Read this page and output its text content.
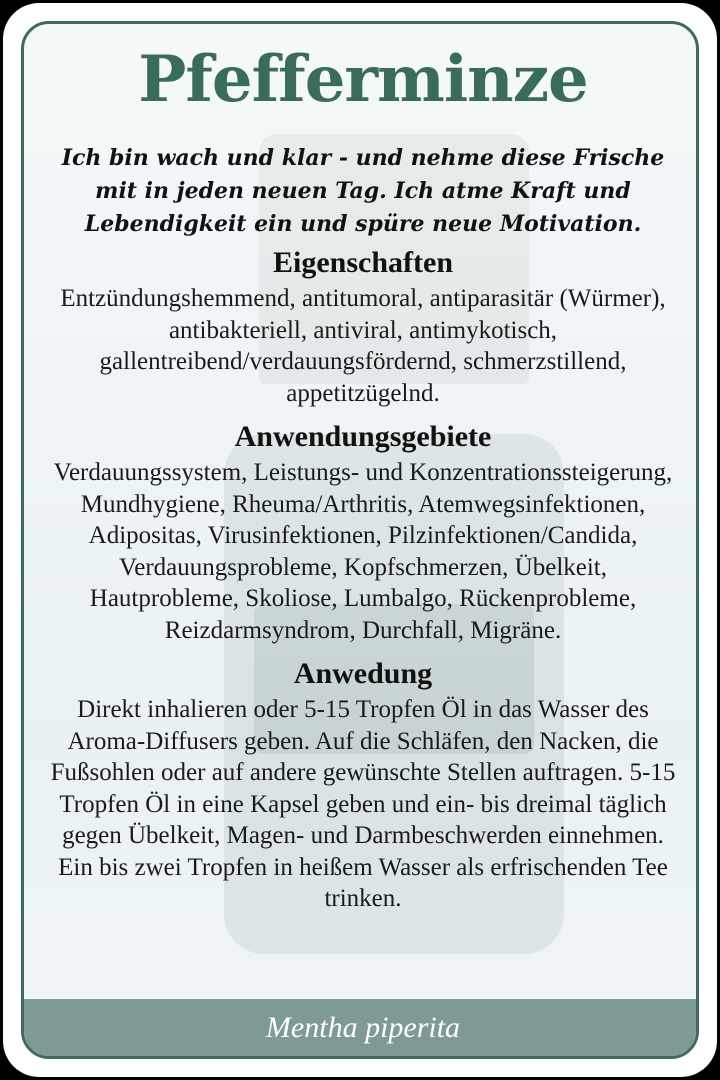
Pfefferminze
Ich bin wach und klar - und nehme diese Frische mit in jeden neuen Tag. Ich atme Kraft und Lebendigkeit ein und spüre neue Motivation.
Eigenschaften
Entzündungshemmend, antitumoral, antiparasitär (Würmer), antibakteriell, antiviral, antimykotisch, gallentreibend/verdauungsfördernd, schmerzstillend, appetitzügelnd.
Anwendungsgebiete
Verdauungssystem, Leistungs- und Konzentrationssteigerung, Mundhygiene, Rheuma/Arthritis, Atemwegsinfektionen, Adipositas, Virusinfektionen, Pilzinfektionen/Candida, Verdauungsprobleme, Kopfschmerzen, Übelkeit, Hautprobleme, Skoliose, Lumbalgo, Rückenprobleme, Reizdarmsyndrom, Durchfall, Migräne.
Anwedung
Direkt inhalieren oder 5-15 Tropfen Öl in das Wasser des Aroma-Diffusers geben. Auf die Schläfen, den Nacken, die Fußsohlen oder auf andere gewünschte Stellen auftragen. 5-15 Tropfen Öl in eine Kapsel geben und ein- bis dreimal täglich gegen Übelkeit, Magen- und Darmbeschwerden einnehmen. Ein bis zwei Tropfen in heißem Wasser als erfrischenden Tee trinken.
Mentha piperita
